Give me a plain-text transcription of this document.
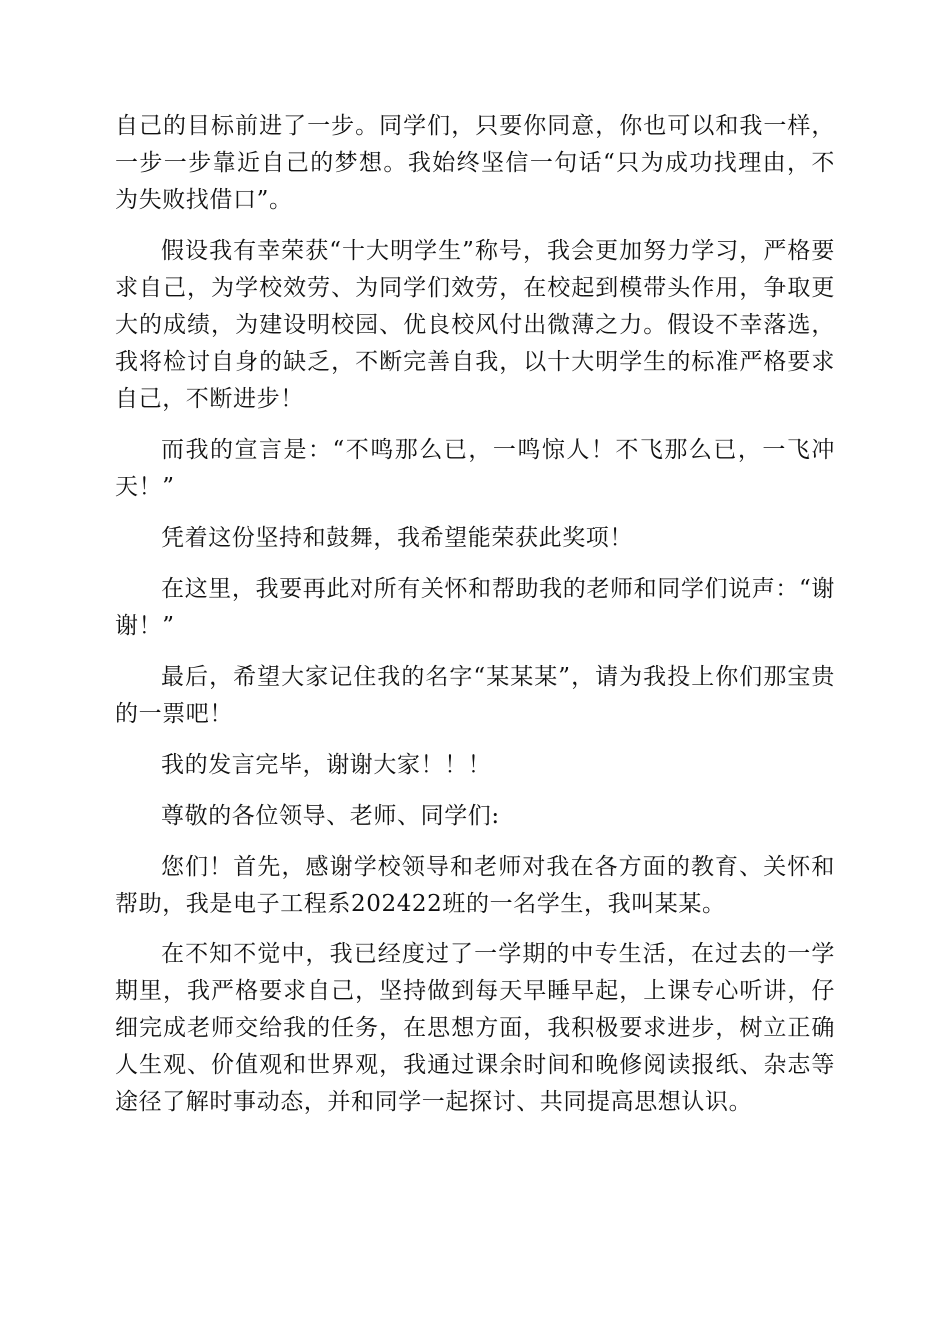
自己的目标前进了一步。同学们，只要你同意，你也可以和我一样，一步一步靠近自己的梦想。我始终坚信一句话“只为成功找理由，不为失败找借口”。

假设我有幸荣获“十大明学生”称号，我会更加努力学习，严格要求自己，为学校效劳、为同学们效劳，在校起到模带头作用，争取更大的成绩，为建设明校园、优良校风付出微薄之力。假设不幸落选，我将检讨自身的缺乏，不断完善自我，以十大明学生的标准严格要求自己，不断进步！

而我的宣言是：“不鸣那么已，一鸣惊人！不飞那么已，一飞冲天！”

凭着这份坚持和鼓舞，我希望能荣获此奖项！

在这里，我要再此对所有关怀和帮助我的老师和同学们说声：“谢谢！”

最后，希望大家记住我的名字“某某某”，请为我投上你们那宝贵的一票吧！

我的发言完毕，谢谢大家！！！

尊敬的各位领导、老师、同学们:

您们！首先，感谢学校领导和老师对我在各方面的教育、关怀和帮助，我是电子工程系202422班的一名学生，我叫某某。

在不知不觉中，我已经度过了一学期的中专生活，在过去的一学期里，我严格要求自己，坚持做到每天早睡早起，上课专心听讲，仔细完成老师交给我的任务，在思想方面，我积极要求进步，树立正确人生观、价值观和世界观，我通过课余时间和晚修阅读报纸、杂志等途径了解时事动态，并和同学一起探讨、共同提高思想认识。
